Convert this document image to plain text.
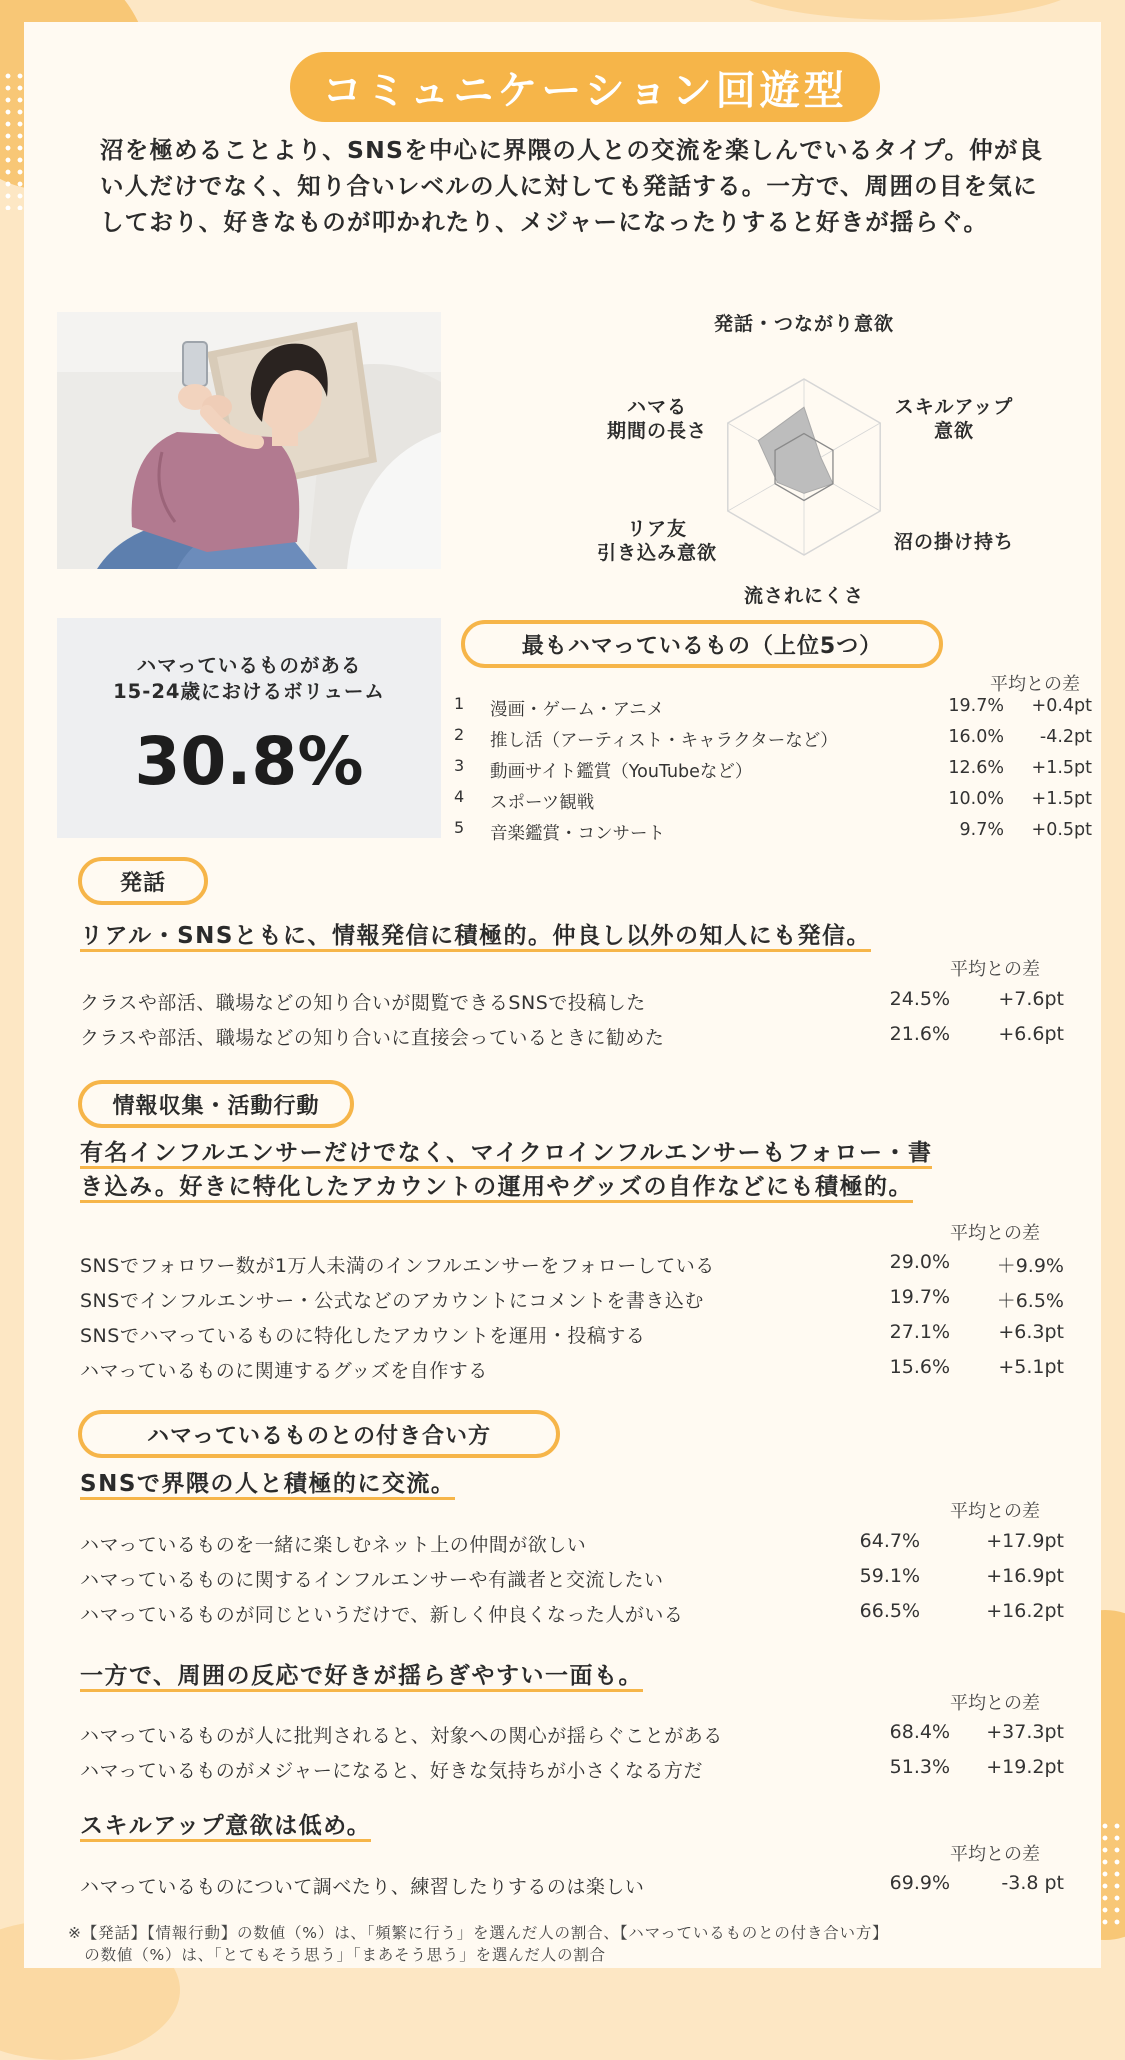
コミュニケーション回遊型
沼を極めることより、SNSを中心に界隈の人との交流を楽しんでいるタイプ。仲が良い人だけでなく、知り合いレベルの人に対しても発話する。一方で、周囲の目を気にしており、好きなものが叩かれたり、メジャーになったりすると好きが揺らぐ。
発話・つながり意欲
スキルアップ
意欲
沼の掛け持ち
流されにくさ
リア友
引き込み意欲
ハマる
期間の長さ
ハマっているものがある
15-24歳におけるボリューム
30.8%
最もハマっているもの（上位5つ）
平均との差
1 漫画・ゲーム・アニメ	19.7%	+0.4pt
2 推し活（アーティスト・キャラクターなど）	16.0%	-4.2pt
3 動画サイト鑑賞（YouTubeなど）	12.6%	+1.5pt
4 スポーツ観戦	10.0%	+1.5pt
5 音楽鑑賞・コンサート	9.7%	+0.5pt
発話
リアル・SNSともに、情報発信に積極的。仲良し以外の知人にも発信。
平均との差
クラスや部活、職場などの知り合いが閲覧できるSNSで投稿した	24.5%	+7.6pt
クラスや部活、職場などの知り合いに直接会っているときに勧めた	21.6%	+6.6pt
情報収集・活動行動
有名インフルエンサーだけでなく、マイクロインフルエンサーもフォロー・書
き込み。好きに特化したアカウントの運用やグッズの自作などにも積極的。
平均との差
SNSでフォロワー数が1万人未満のインフルエンサーをフォローしている	29.0%	＋9.9%
SNSでインフルエンサー・公式などのアカウントにコメントを書き込む	19.7%	＋6.5%
SNSでハマっているものに特化したアカウントを運用・投稿する	27.1%	+6.3pt
ハマっているものに関連するグッズを自作する	15.6%	+5.1pt
ハマっているものとの付き合い方
SNSで界隈の人と積極的に交流。
平均との差
ハマっているものを一緒に楽しむネット上の仲間が欲しい	64.7%	+17.9pt
ハマっているものに関するインフルエンサーや有識者と交流したい	59.1%	+16.9pt
ハマっているものが同じというだけで、新しく仲良くなった人がいる	66.5%	+16.2pt
一方で、周囲の反応で好きが揺らぎやすい一面も。
平均との差
ハマっているものが人に批判されると、対象への関心が揺らぐことがある	68.4%	+37.3pt
ハマっているものがメジャーになると、好きな気持ちが小さくなる方だ	51.3%	+19.2pt
スキルアップ意欲は低め。
平均との差
ハマっているものについて調べたり、練習したりするのは楽しい	69.9%	-3.8 pt
※【発話】【情報行動】の数値（%）は、「頻繁に行う」を選んだ人の割合、【ハマっているものとの付き合い方】
　の数値（%）は、「とてもそう思う」「まあそう思う」を選んだ人の割合
